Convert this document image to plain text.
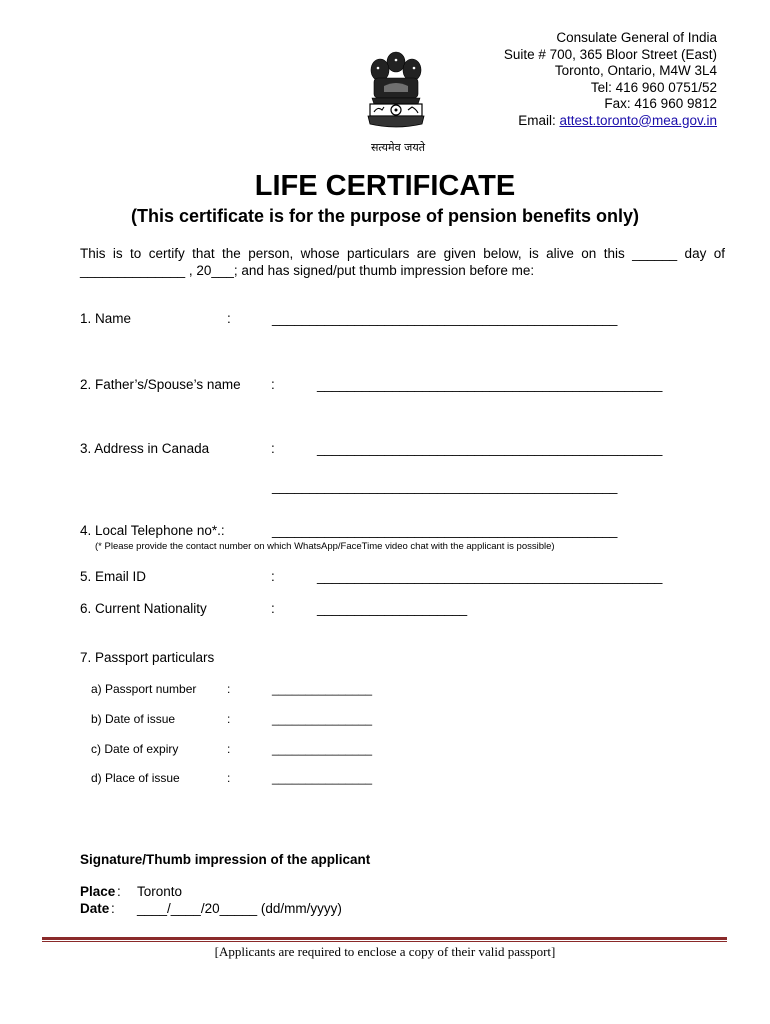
सत्यमेव जयते
Consulate General of India
Suite # 700, 365 Bloor Street (East)
Toronto, Ontario, M4W 3L4
Tel: 416 960 0751/52
Fax: 416 960 9812
Email: attest.toronto@mea.gov.in
LIFE CERTIFICATE
(This certificate is for the purpose of pension benefits only)
This is to certify that the person, whose particulars are given below, is alive on this ______ day of ______________ , 20___; and has signed/put thumb impression before me:
1. Name	:	______________________________________________
2. Father’s/Spouse’s name :	______________________________________________
3. Address in Canada	:	______________________________________________
______________________________________________
4. Local Telephone no*.:	______________________________________________
(* Please provide the contact number on which WhatsApp/FaceTime video chat with the applicant is possible)
5. Email ID	:	______________________________________________
6. Current Nationality	:	____________________
7. Passport particulars
a) Passport number	:	_______________
b) Date of issue	:	_______________
c) Date of expiry	:	_______________
d) Place of issue	:	_______________
Signature/Thumb impression of the applicant
Place : Toronto
Date : ____/____/20_____ (dd/mm/yyyy)
[Applicants are required to enclose a copy of their valid passport]
